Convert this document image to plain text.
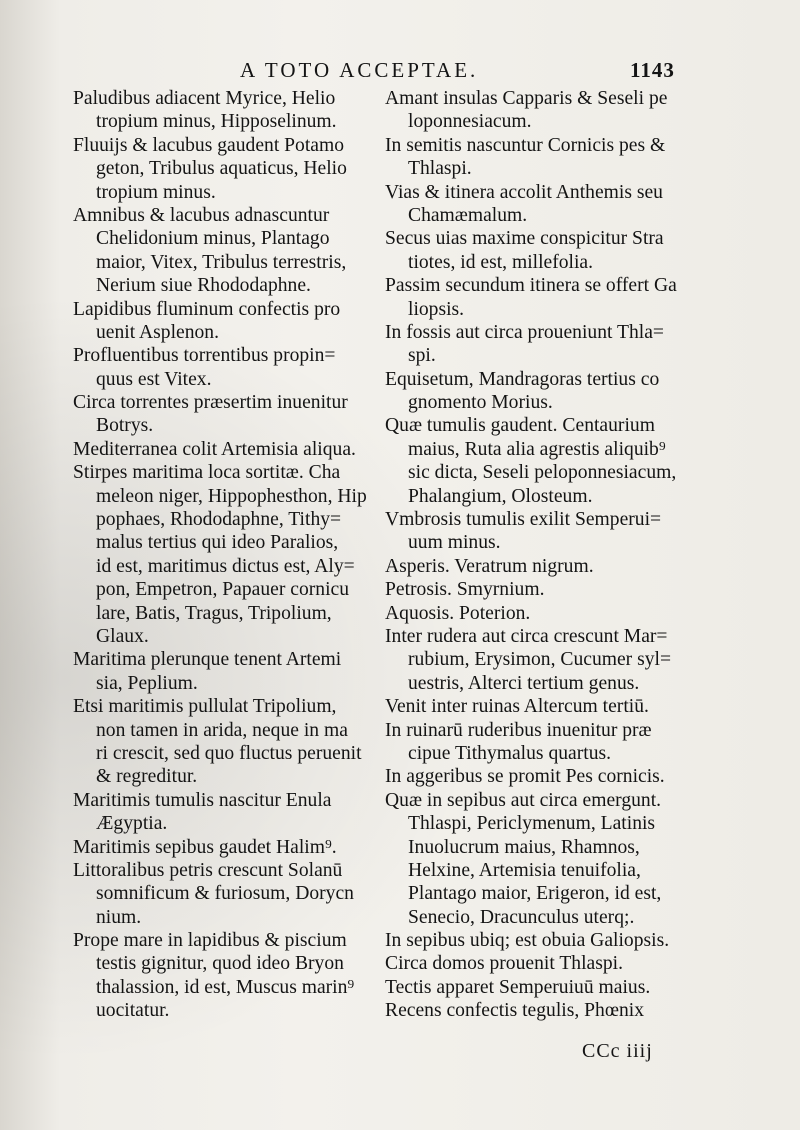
A TOTO ACCEPTAE.	1143
Paludibus adiacent Myrice, Helio
tropium minus, Hipposelinum.
Fluuijs & lacubus gaudent Potamo
geton, Tribulus aquaticus, Helio
tropium minus.
Amnibus & lacubus adnascuntur
Chelidonium minus, Plantago
maior, Vitex, Tribulus terrestris,
Nerium siue Rhododaphne.
Lapidibus fluminum confectis pro
uenit Asplenon.
Profluentibus torrentibus propin=
quus est Vitex.
Circa torrentes præsertim inuenitur
Botrys.
Mediterranea colit Artemisia aliqua.
Stirpes maritima loca sortitæ. Cha
meleon niger, Hippophesthon, Hip
pophaes, Rhododaphne, Tithy=
malus tertius qui ideo Paralios,
id est, maritimus dictus est, Aly=
pon, Empetron, Papauer cornicu
lare, Batis, Tragus, Tripolium,
Glaux.
Maritima plerunque tenent Artemi
sia, Peplium.
Etsi maritimis pullulat Tripolium,
non tamen in arida, neque in ma
ri crescit, sed quo fluctus peruenit
& regreditur.
Maritimis tumulis nascitur Enula
Ægyptia.
Maritimis sepibus gaudet Halim⁹.
Littoralibus petris crescunt Solanū
somnificum & furiosum, Dorycn
nium.
Prope mare in lapidibus & piscium
testis gignitur, quod ideo Bryon
thalassion, id est, Muscus marin⁹
uocitatur.
Amant insulas Capparis & Seseli pe
loponnesiacum.
In semitis nascuntur Cornicis pes &
Thlaspi.
Vias & itinera accolit Anthemis seu
Chamæmalum.
Secus uias maxime conspicitur Stra
tiotes, id est, millefolia.
Passim secundum itinera se offert Ga
liopsis.
In fossis aut circa proueniunt Thla=
spi.
Equisetum, Mandragoras tertius co
gnomento Morius.
Quæ tumulis gaudent. Centaurium
maius, Ruta alia agrestis aliquib⁹
sic dicta, Seseli peloponnesiacum,
Phalangium, Olosteum.
Vmbrosis tumulis exilit Semperui=
uum minus.
Asperis. Veratrum nigrum.
Petrosis. Smyrnium.
Aquosis. Poterion.
Inter rudera aut circa crescunt Mar=
rubium, Erysimon, Cucumer syl=
uestris, Alterci tertium genus.
Venit inter ruinas Altercum tertiū.
In ruinarū ruderibus inuenitur præ
cipue Tithymalus quartus.
In aggeribus se promit Pes cornicis.
Quæ in sepibus aut circa emergunt.
Thlaspi, Periclymenum, Latinis
Inuolucrum maius, Rhamnos,
Helxine, Artemisia tenuifolia,
Plantago maior, Erigeron, id est,
Senecio, Dracunculus uterq;.
In sepibus ubiq; est obuia Galiopsis.
Circa domos prouenit Thlaspi.
Tectis apparet Semperuiuū maius.
Recens confectis tegulis, Phœnix
CCc iiij
